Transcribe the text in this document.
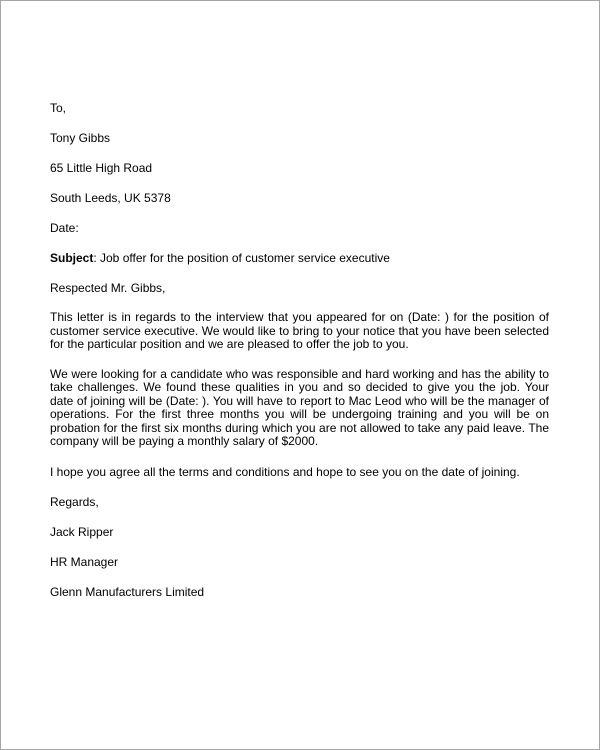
To,
Tony Gibbs
65 Little High Road
South Leeds, UK 5378
Date:
Subject: Job offer for the position of customer service executive
Respected Mr. Gibbs,
This letter is in regards to the interview that you appeared for on (Date: ) for the position of customer service executive. We would like to bring to your notice that you have been selected for the particular position and we are pleased to offer the job to you.
We were looking for a candidate who was responsible and hard working and has the ability to take challenges. We found these qualities in you and so decided to give you the job. Your date of joining will be (Date: ). You will have to report to Mac Leod who will be the manager of operations. For the first three months you will be undergoing training and you will be on probation for the first six months during which you are not allowed to take any paid leave. The company will be paying a monthly salary of $2000.
I hope you agree all the terms and conditions and hope to see you on the date of joining.
Regards,
Jack Ripper
HR Manager
Glenn Manufacturers Limited
